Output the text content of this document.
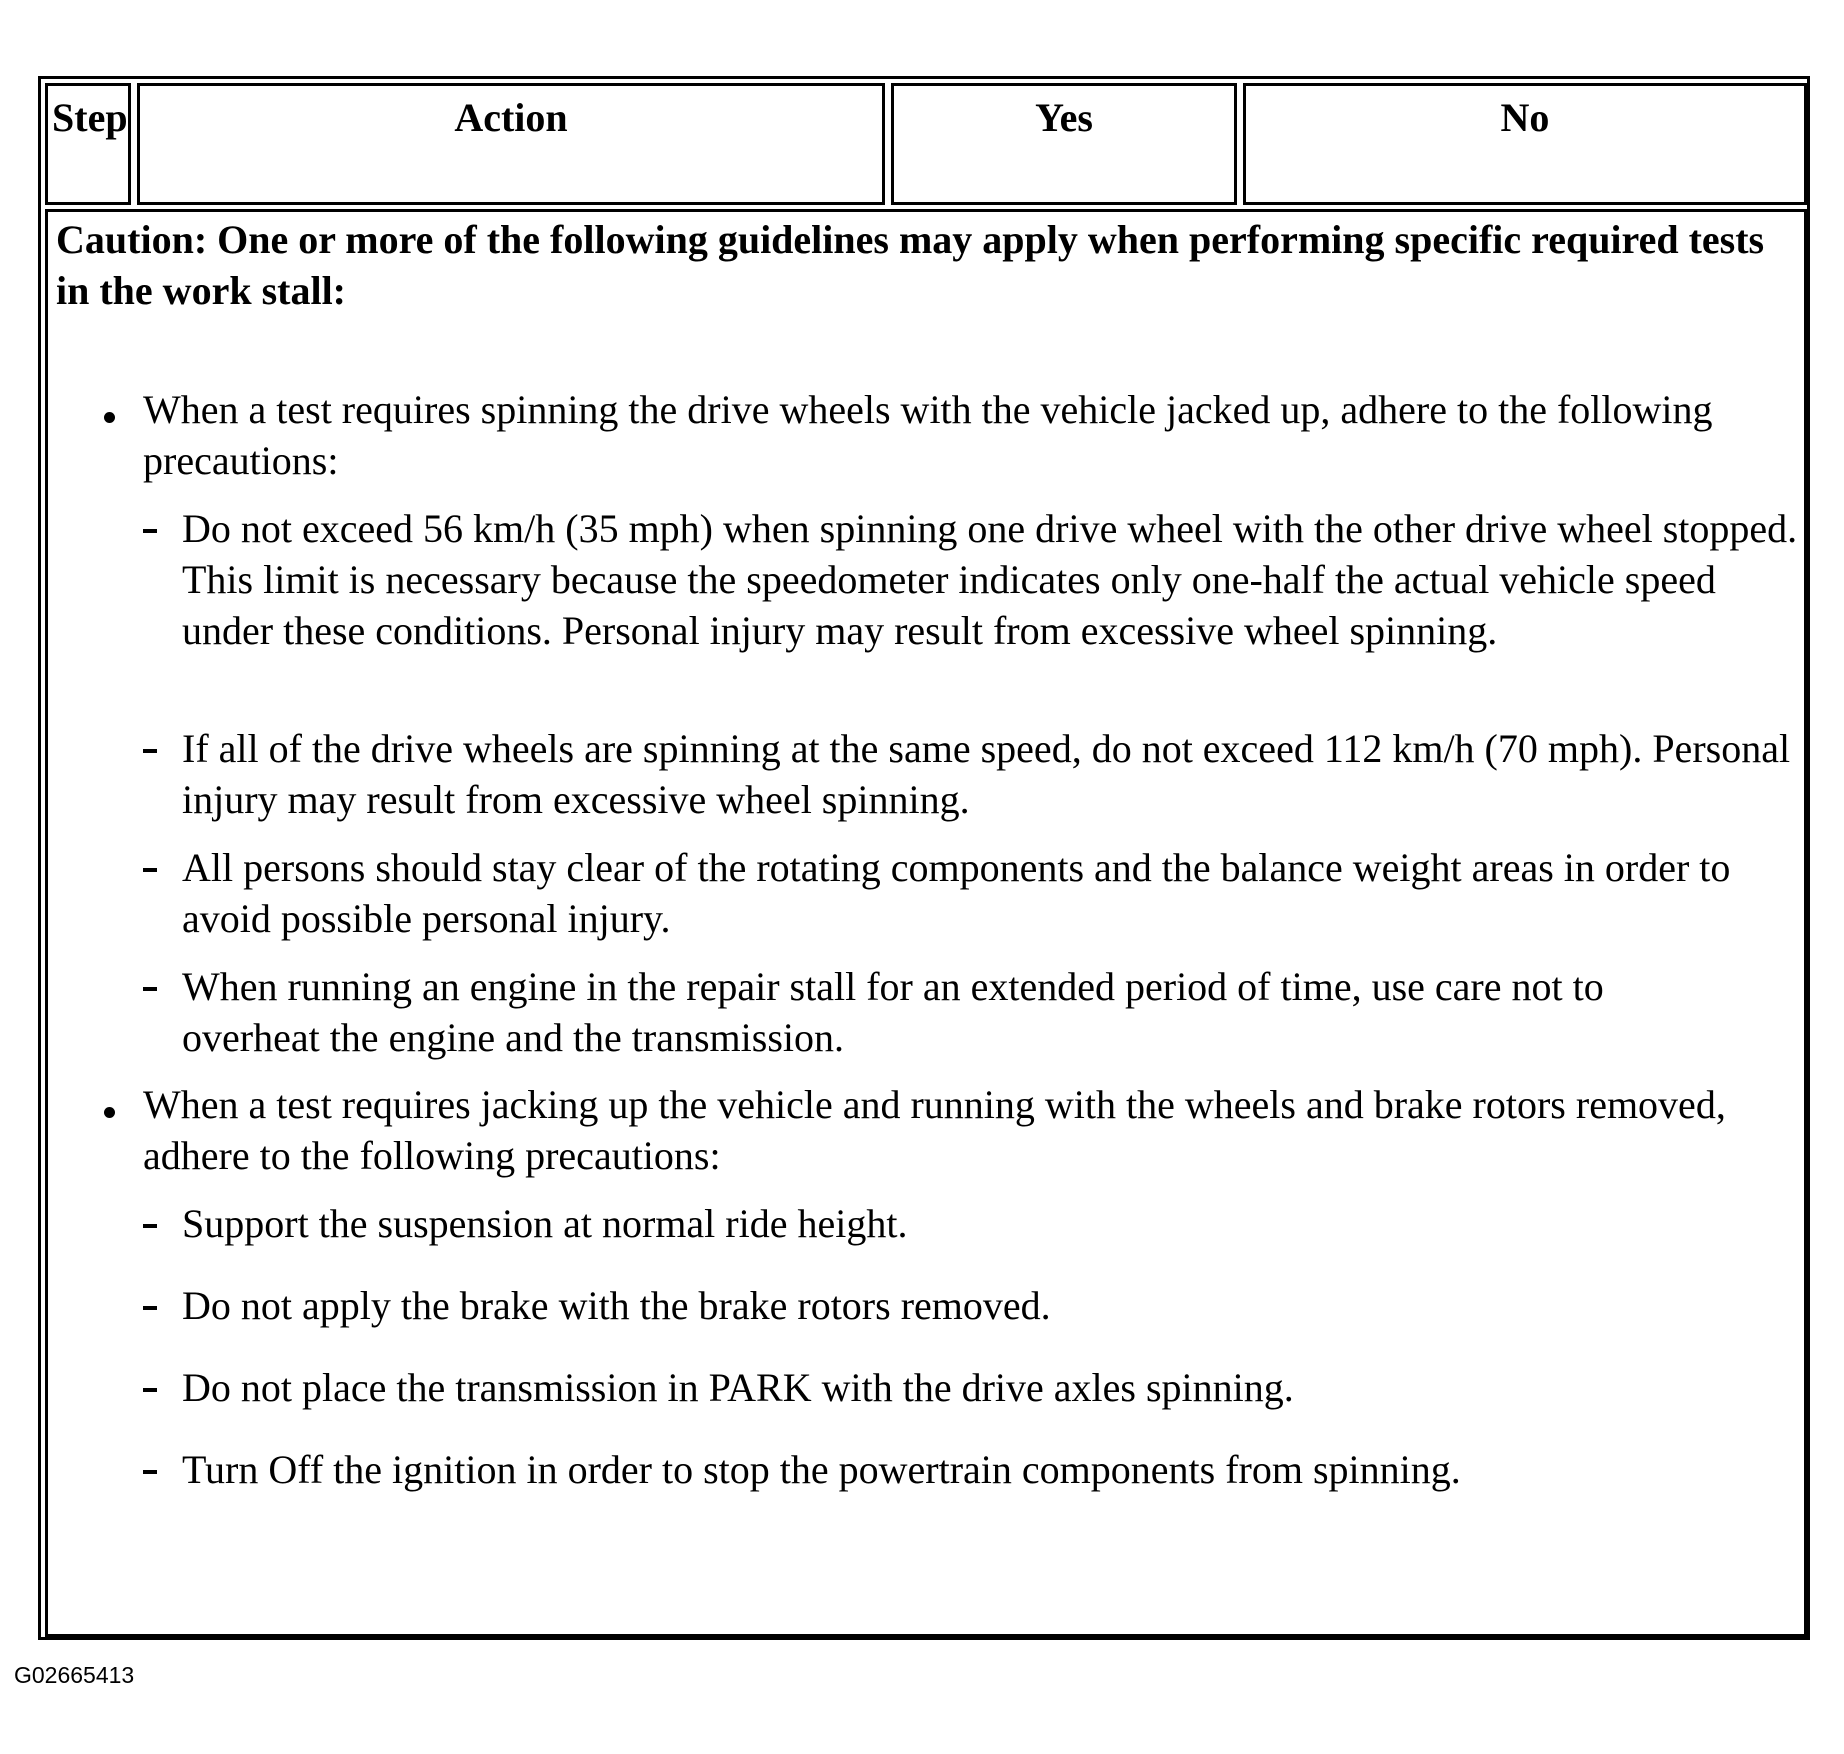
Step	Action	Yes	No

Caution: One or more of the following guidelines may apply when performing specific required tests in the work stall:

When a test requires spinning the drive wheels with the vehicle jacked up, adhere to the following precautions:

Do not exceed 56 km/h (35 mph) when spinning one drive wheel with the other drive wheel stopped. This limit is necessary because the speedometer indicates only one-half the actual vehicle speed under these conditions. Personal injury may result from excessive wheel spinning.

If all of the drive wheels are spinning at the same speed, do not exceed 112 km/h (70 mph). Personal injury may result from excessive wheel spinning.

All persons should stay clear of the rotating components and the balance weight areas in order to avoid possible personal injury.

When running an engine in the repair stall for an extended period of time, use care not to overheat the engine and the transmission.

When a test requires jacking up the vehicle and running with the wheels and brake rotors removed, adhere to the following precautions:

Support the suspension at normal ride height.

Do not apply the brake with the brake rotors removed.

Do not place the transmission in PARK with the drive axles spinning.

Turn Off the ignition in order to stop the powertrain components from spinning.

G02665413
